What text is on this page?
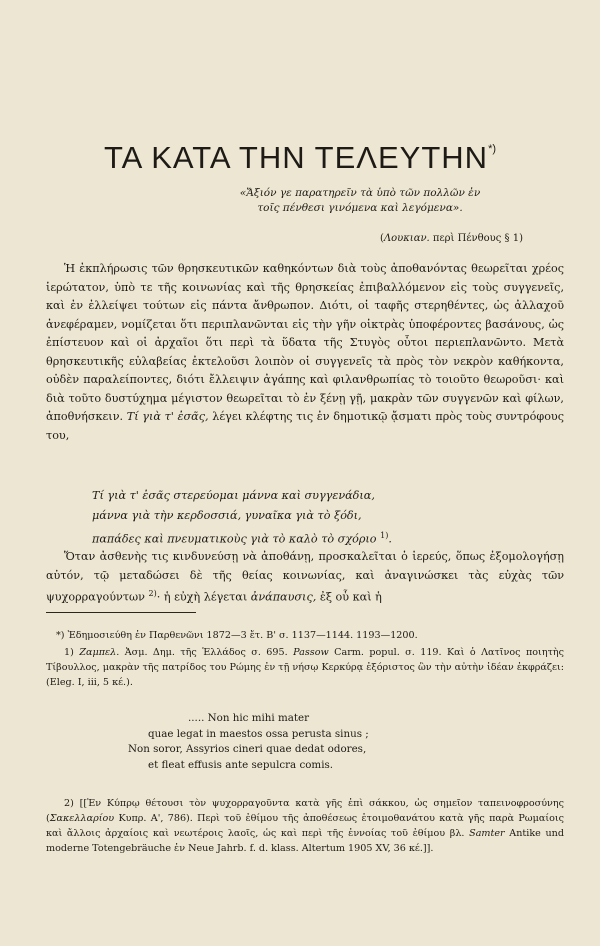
ΤΑ ΚΑΤΑ ΤΗΝ ΤΕΛΕΥΤΗΝ*)
«Ἄξιόν γε παρατηρεῖν τὰ ὑπὸ τῶν πολλῶν ἐν
τοῖς πένθεσι γινόμενα καὶ λεγόμενα».
(Λουκιαν. περὶ Πένθους § 1)

Ἡ ἐκπλήρωσις τῶν θρησκευτικῶν καθηκόντων διὰ τοὺς ἀποθανόντας θεωρεῖται χρέος ἱερώτατον, ὑπὸ τε τῆς κοινωνίας καὶ τῆς θρησκείας ἐπιβαλλόμενον εἰς τοὺς συγγενεῖς, καὶ ἐν ἐλλείψει τούτων εἰς πάντα ἄνθρωπον. Διότι, οἱ ταφῆς στερηθέντες, ὡς ἀλλαχοῦ ἀνεφέραμεν, νομίζεται ὅτι περιπλανῶνται εἰς τὴν γῆν οἰκτρὰς ὑποφέροντες βασάνους, ὡς ἐπίστευον καὶ οἱ ἀρχαῖοι ὅτι περὶ τὰ ὕδατα τῆς Στυγὸς οὗτοι περιεπλανῶντο. Μετὰ θρησκευτικῆς εὐλαβείας ἐκτελοῦσι λοιπὸν οἱ συγγενεῖς τὰ πρὸς τὸν νεκρὸν καθήκοντα, οὐδὲν παραλείποντες, διότι ἔλλειψιν ἀγάπης καὶ φιλανθρωπίας τὸ τοιοῦτο θεωροῦσι· καὶ διὰ τοῦτο δυστύχημα μέγιστον θεωρεῖται τὸ ἐν ξένῃ γῇ, μακρὰν τῶν συγγενῶν καὶ φίλων, ἀποθνήσκειν. Τί γιὰ τ' ἐσᾶς, λέγει κλέφτης τις ἐν δημοτικῷ ᾄσματι πρὸς τοὺς συντρόφους του,

Τί γιὰ τ' ἐσᾶς στερεύομαι μάννα καὶ συγγενάδια,
μάννα γιὰ τὴν κερδοσσιά, γυναῖκα γιὰ τὸ ξόδι,
παπάδες καὶ πνευματικοὺς γιὰ τὸ καλὸ τὸ σχόριο $^{1)}$.

Ὅταν ἀσθενὴς τις κινδυνεύσῃ νὰ ἀποθάνῃ, προσκαλεῖται ὁ ἱερεύς, ὅπως ἐξομολογήσῃ αὐτόν, τῷ μεταδώσει δὲ τῆς θείας κοινωνίας, καὶ ἀναγινώσκει τὰς εὐχὰς τῶν ψυχορραγούντων $^{2)}$· ἡ εὐχὴ λέγεται ἀνάπαυσις, ἐξ οὗ καὶ ἡ

*) Ἐδημοσιεύθη ἐν Παρθενῶνι 1872—3 ἔτ. Β' σ. 1137—1144. 1193—1200.

1) Ζαμπελ. Ἀσμ. Δημ. τῆς Ἑλλάδος σ. 695. Passow Carm. popul. σ. 119. Καὶ ὁ Λατῖνος ποιητὴς Τίβουλλος, μακρὰν τῆς πατρίδος του Ρώμης ἐν τῇ νήσῳ Κερκύρᾳ ἐξόριστος ὢν τὴν αὐτὴν ἰδέαν ἐκφράζει: (Eleg. I, iii, 5 κέ.).

..... Non hic mihi mater
quae legat in maestos ossa perusta sinus ;
Non soror, Assyrios cineri quae dedat odores,
et fleat effusis ante sepulcra comis.

2) [[Ἐν Κύπρῳ θέτουσι τὸν ψυχορραγοῦντα κατὰ γῆς ἐπὶ σάκκου, ὡς σημεῖον ταπεινοφροσύνης (Σακελλαρίου Κυπρ. Α', 786). Περὶ τοῦ ἐθίμου τῆς ἀποθέσεως ἑτοιμοθανάτου κατὰ γῆς παρὰ Ρωμαίοις καὶ ἄλλοις ἀρχαίοις καὶ νεωτέροις λαοῖς, ὡς καὶ περὶ τῆς ἐννοίας τοῦ ἐθίμου βλ. Samter Antike und moderne Totengebräuche ἐν Neue Jahrb. f. d. klass. Altertum 1905 XV, 36 κέ.]].
